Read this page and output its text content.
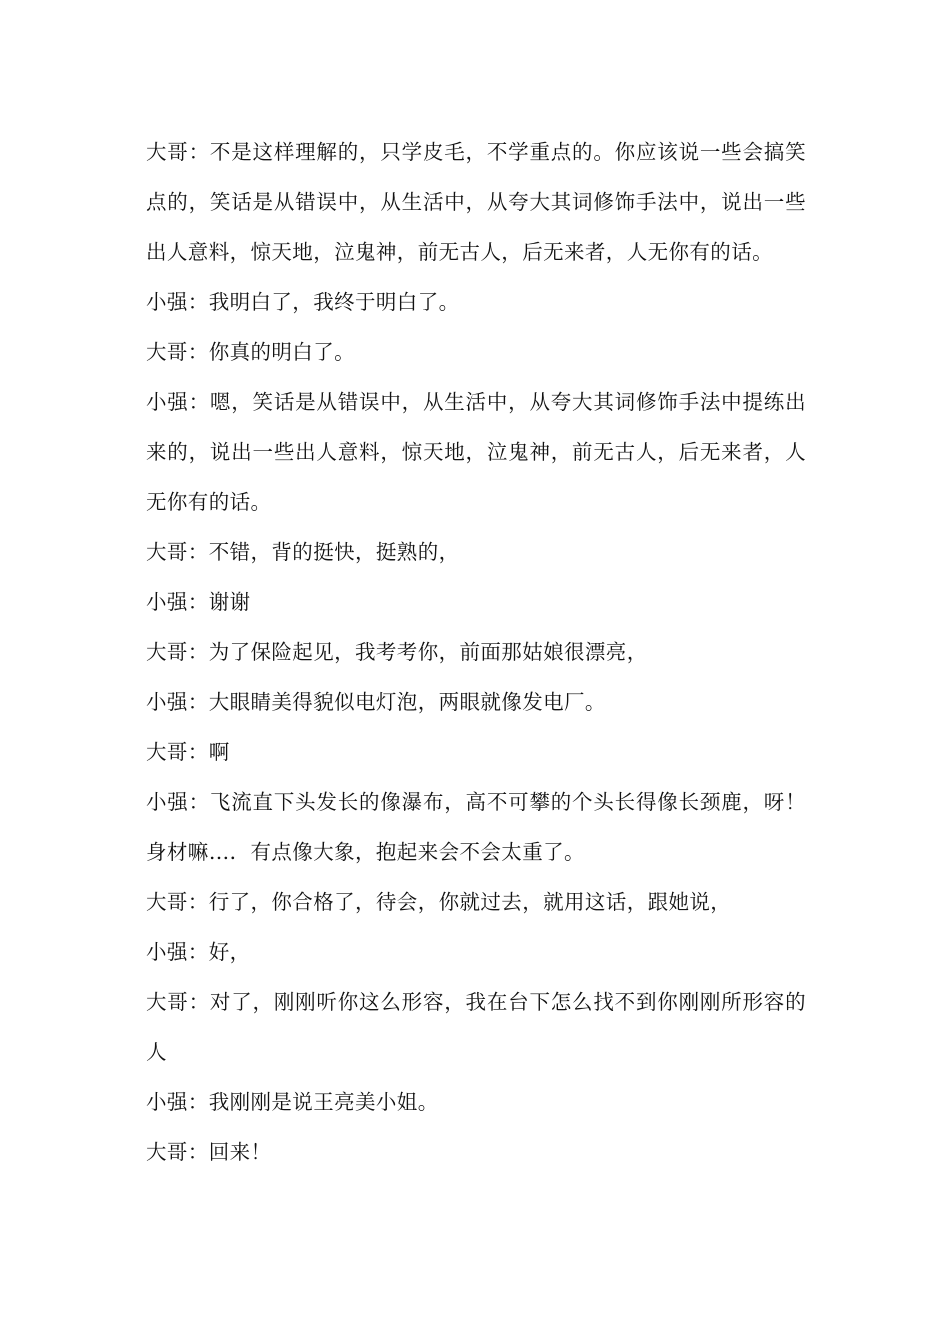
大哥：不是这样理解的，只学皮毛，不学重点的。你应该说一些会搞笑点的，笑话是从错误中，从生活中，从夸大其词修饰手法中，说出一些出人意料，惊天地，泣鬼神，前无古人，后无来者，人无你有的话。

小强：我明白了，我终于明白了。

大哥：你真的明白了。

小强：嗯，笑话是从错误中，从生活中，从夸大其词修饰手法中提练出来的，说出一些出人意料，惊天地，泣鬼神，前无古人，后无来者，人无你有的话。

大哥：不错，背的挺快，挺熟的，

小强：谢谢

大哥：为了保险起见，我考考你，前面那姑娘很漂亮，

小强：大眼睛美得貌似电灯泡，两眼就像发电厂。

大哥：啊

小强：飞流直下头发长的像瀑布，高不可攀的个头长得像长颈鹿，呀！身材嘛…．有点像大象，抱起来会不会太重了。

大哥：行了，你合格了，待会，你就过去，就用这话，跟她说，

小强：好，

大哥：对了，刚刚听你这么形容，我在台下怎么找不到你刚刚所形容的人

小强：我刚刚是说王亮美小姐。

大哥：回来！
